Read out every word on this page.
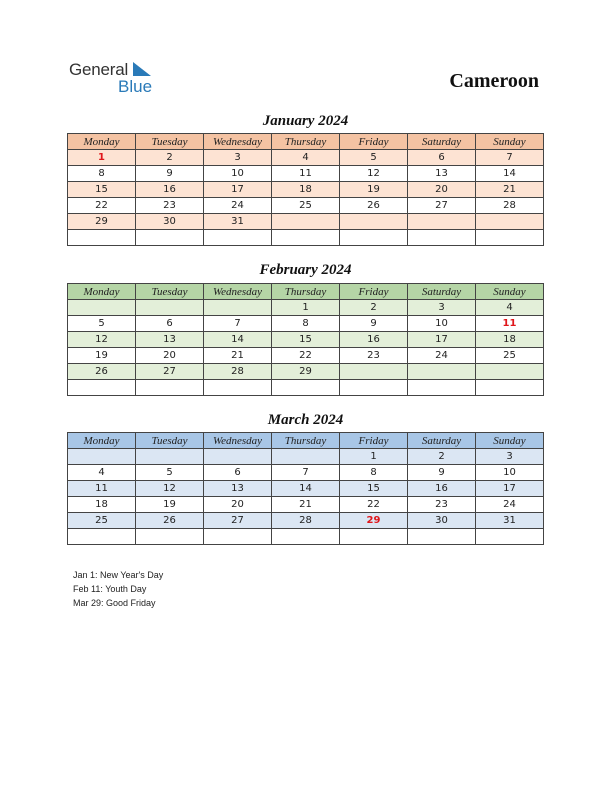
General
Blue	Cameroon
January 2024
Monday	Tuesday	Wednesday	Thursday	Friday	Saturday	Sunday
1	2	3	4	5	6	7
8	9	10	11	12	13	14
15	16	17	18	19	20	21
22	23	24	25	26	27	28
29	30	31				

February 2024
Monday	Tuesday	Wednesday	Thursday	Friday	Saturday	Sunday
			1	2	3	4
5	6	7	8	9	10	11
12	13	14	15	16	17	18
19	20	21	22	23	24	25
26	27	28	29			

March 2024
Monday	Tuesday	Wednesday	Thursday	Friday	Saturday	Sunday
				1	2	3
4	5	6	7	8	9	10
11	12	13	14	15	16	17
18	19	20	21	22	23	24
25	26	27	28	29	30	31

Jan 1: New Year's Day
Feb 11: Youth Day
Mar 29: Good Friday
